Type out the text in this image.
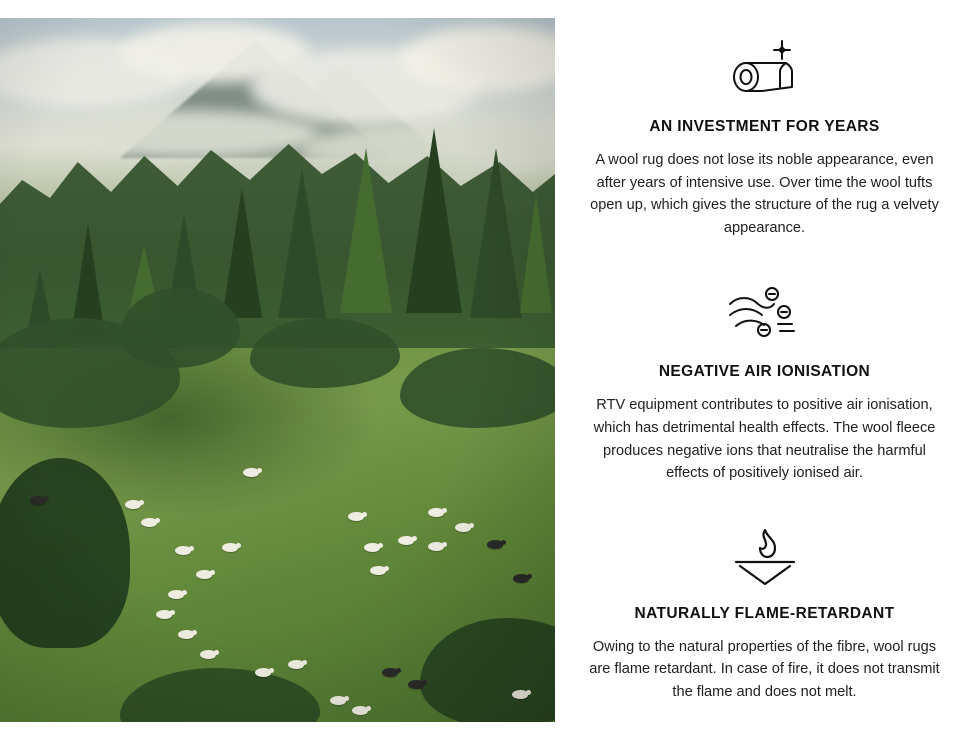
AN INVESTMENT FOR YEARS
A wool rug does not lose its noble appearance, even after years of intensive use. Over time the wool tufts open up, which gives the structure of the rug a velvety appearance.
NEGATIVE AIR IONISATION
RTV equipment contributes to positive air ionisation, which has detrimental health effects. The wool fleece produces negative ions that neutralise the harmful effects of positively ionised air.
NATURALLY FLAME-RETARDANT
Owing to the natural properties of the fibre, wool rugs are flame retardant. In case of fire, it does not transmit the flame and does not melt.
